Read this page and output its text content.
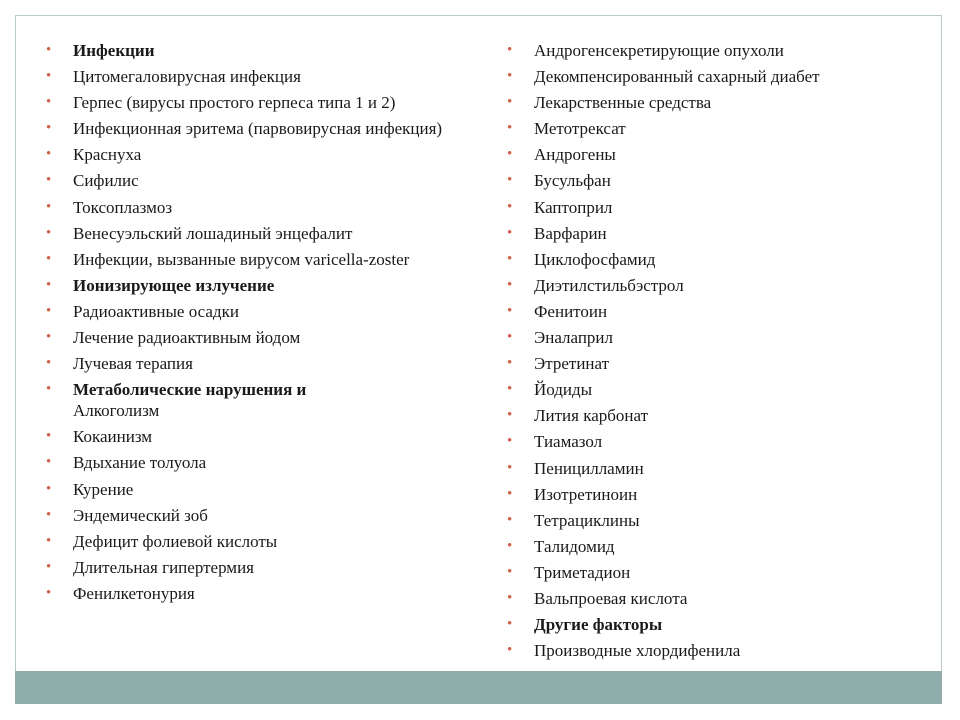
• Инфекции
• Цитомегаловирусная инфекция
• Герпес (вирусы простого герпеса типа 1 и 2)
• Инфекционная эритема (парвовирусная инфекция)
• Краснуха
• Сифилис
• Токсоплазмоз
• Венесуэльский лошадиный энцефалит
• Инфекции, вызванные вирусом varicella-zoster
• Ионизирующее излучение
• Радиоактивные осадки
• Лечение радиоактивным йодом
• Лучевая терапия
• Метаболические нарушения и
Алкоголизм
• Кокаинизм
• Вдыхание толуола
• Курение
• Эндемический зоб
• Дефицит фолиевой кислоты
• Длительная гипертермия
• Фенилкетонурия
• Андрогенсекретирующие опухоли
• Декомпенсированный сахарный диабет
• Лекарственные средства
• Метотрексат
• Андрогены
• Бусульфан
• Каптоприл
• Варфарин
• Циклофосфамид
• Диэтилстильбэстрол
• Фенитоин
• Эналаприл
• Этретинат
• Йодиды
• Лития карбонат
• Тиамазол
• Пеницилламин
• Изотретиноин
• Тетрациклины
• Талидомид
• Триметадион
• Вальпроевая кислота
• Другие факторы
• Производные хлордифенила
